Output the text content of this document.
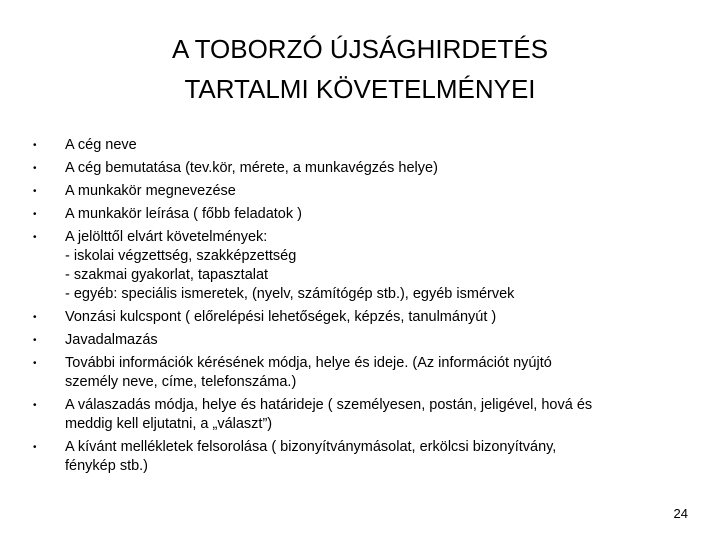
A TOBORZÓ ÚJSÁGHIRDETÉS
TARTALMI KÖVETELMÉNYEI
• A cég neve
• A cég bemutatása (tev.kör, mérete, a munkavégzés helye)
• A munkakör megnevezése
• A munkakör leírása ( főbb feladatok )
• A jelölttől elvárt követelmények:
- iskolai végzettség, szakképzettség
- szakmai gyakorlat, tapasztalat
- egyéb: speciális ismeretek, (nyelv, számítógép stb.), egyéb ismérvek
• Vonzási kulcspont ( előrelépési lehetőségek, képzés, tanulmányút )
• Javadalmazás
• További információk kérésének módja, helye és ideje. (Az információt nyújtó
személy neve, címe, telefonszáma.)
• A válaszadás módja, helye és határideje ( személyesen, postán, jeligével, hová és
meddig kell eljutatni, a „választ”)
• A kívánt mellékletek felsorolása ( bizonyítványmásolat, erkölcsi bizonyítvány,
fénykép stb.)
24
